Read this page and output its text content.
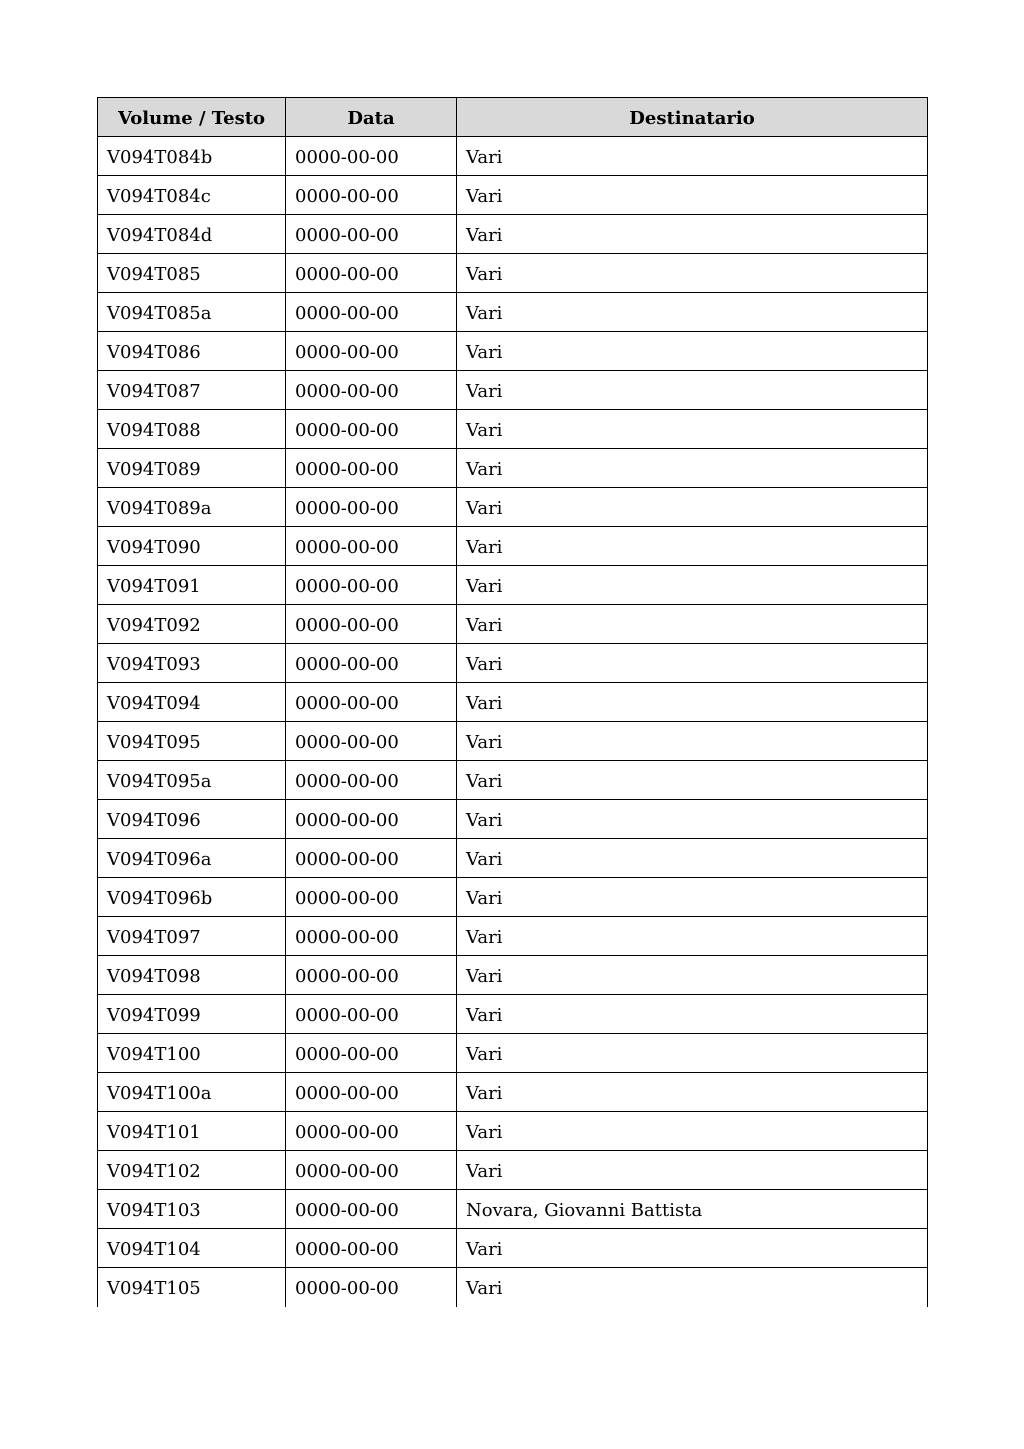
Volume / Testo	Data	Destinatario
V094T084b	0000-00-00	Vari
V094T084c	0000-00-00	Vari
V094T084d	0000-00-00	Vari
V094T085	0000-00-00	Vari
V094T085a	0000-00-00	Vari
V094T086	0000-00-00	Vari
V094T087	0000-00-00	Vari
V094T088	0000-00-00	Vari
V094T089	0000-00-00	Vari
V094T089a	0000-00-00	Vari
V094T090	0000-00-00	Vari
V094T091	0000-00-00	Vari
V094T092	0000-00-00	Vari
V094T093	0000-00-00	Vari
V094T094	0000-00-00	Vari
V094T095	0000-00-00	Vari
V094T095a	0000-00-00	Vari
V094T096	0000-00-00	Vari
V094T096a	0000-00-00	Vari
V094T096b	0000-00-00	Vari
V094T097	0000-00-00	Vari
V094T098	0000-00-00	Vari
V094T099	0000-00-00	Vari
V094T100	0000-00-00	Vari
V094T100a	0000-00-00	Vari
V094T101	0000-00-00	Vari
V094T102	0000-00-00	Vari
V094T103	0000-00-00	Novara, Giovanni Battista
V094T104	0000-00-00	Vari
V094T105	0000-00-00	Vari
